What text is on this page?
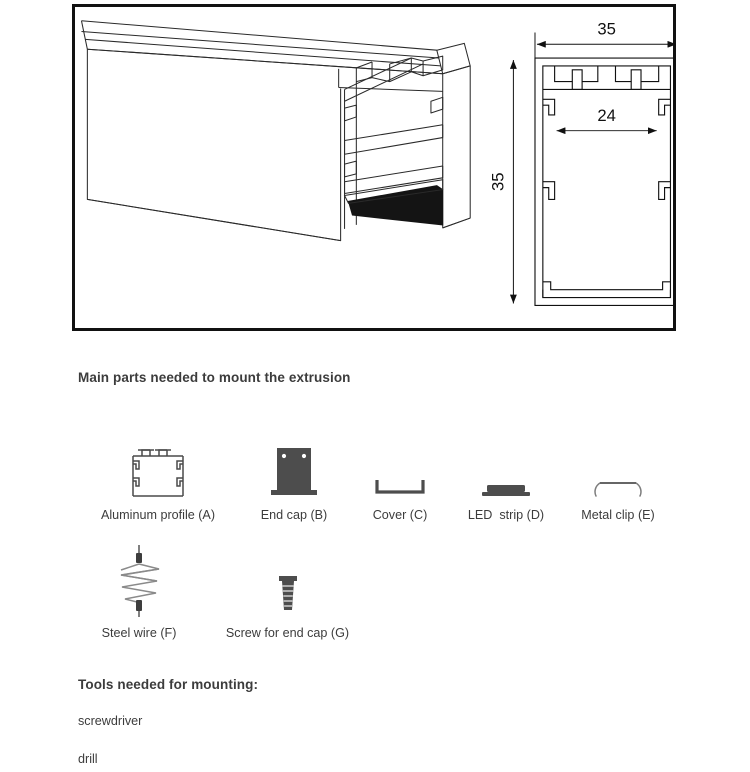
35
24
35
Main parts needed to mount the extrusion
Aluminum profile (A)	End cap (B)	Cover (C)	LED  strip (D)	Metal clip (E)
Steel wire (F)	Screw for end cap (G)
Tools needed for mounting:
screwdriver
drill
